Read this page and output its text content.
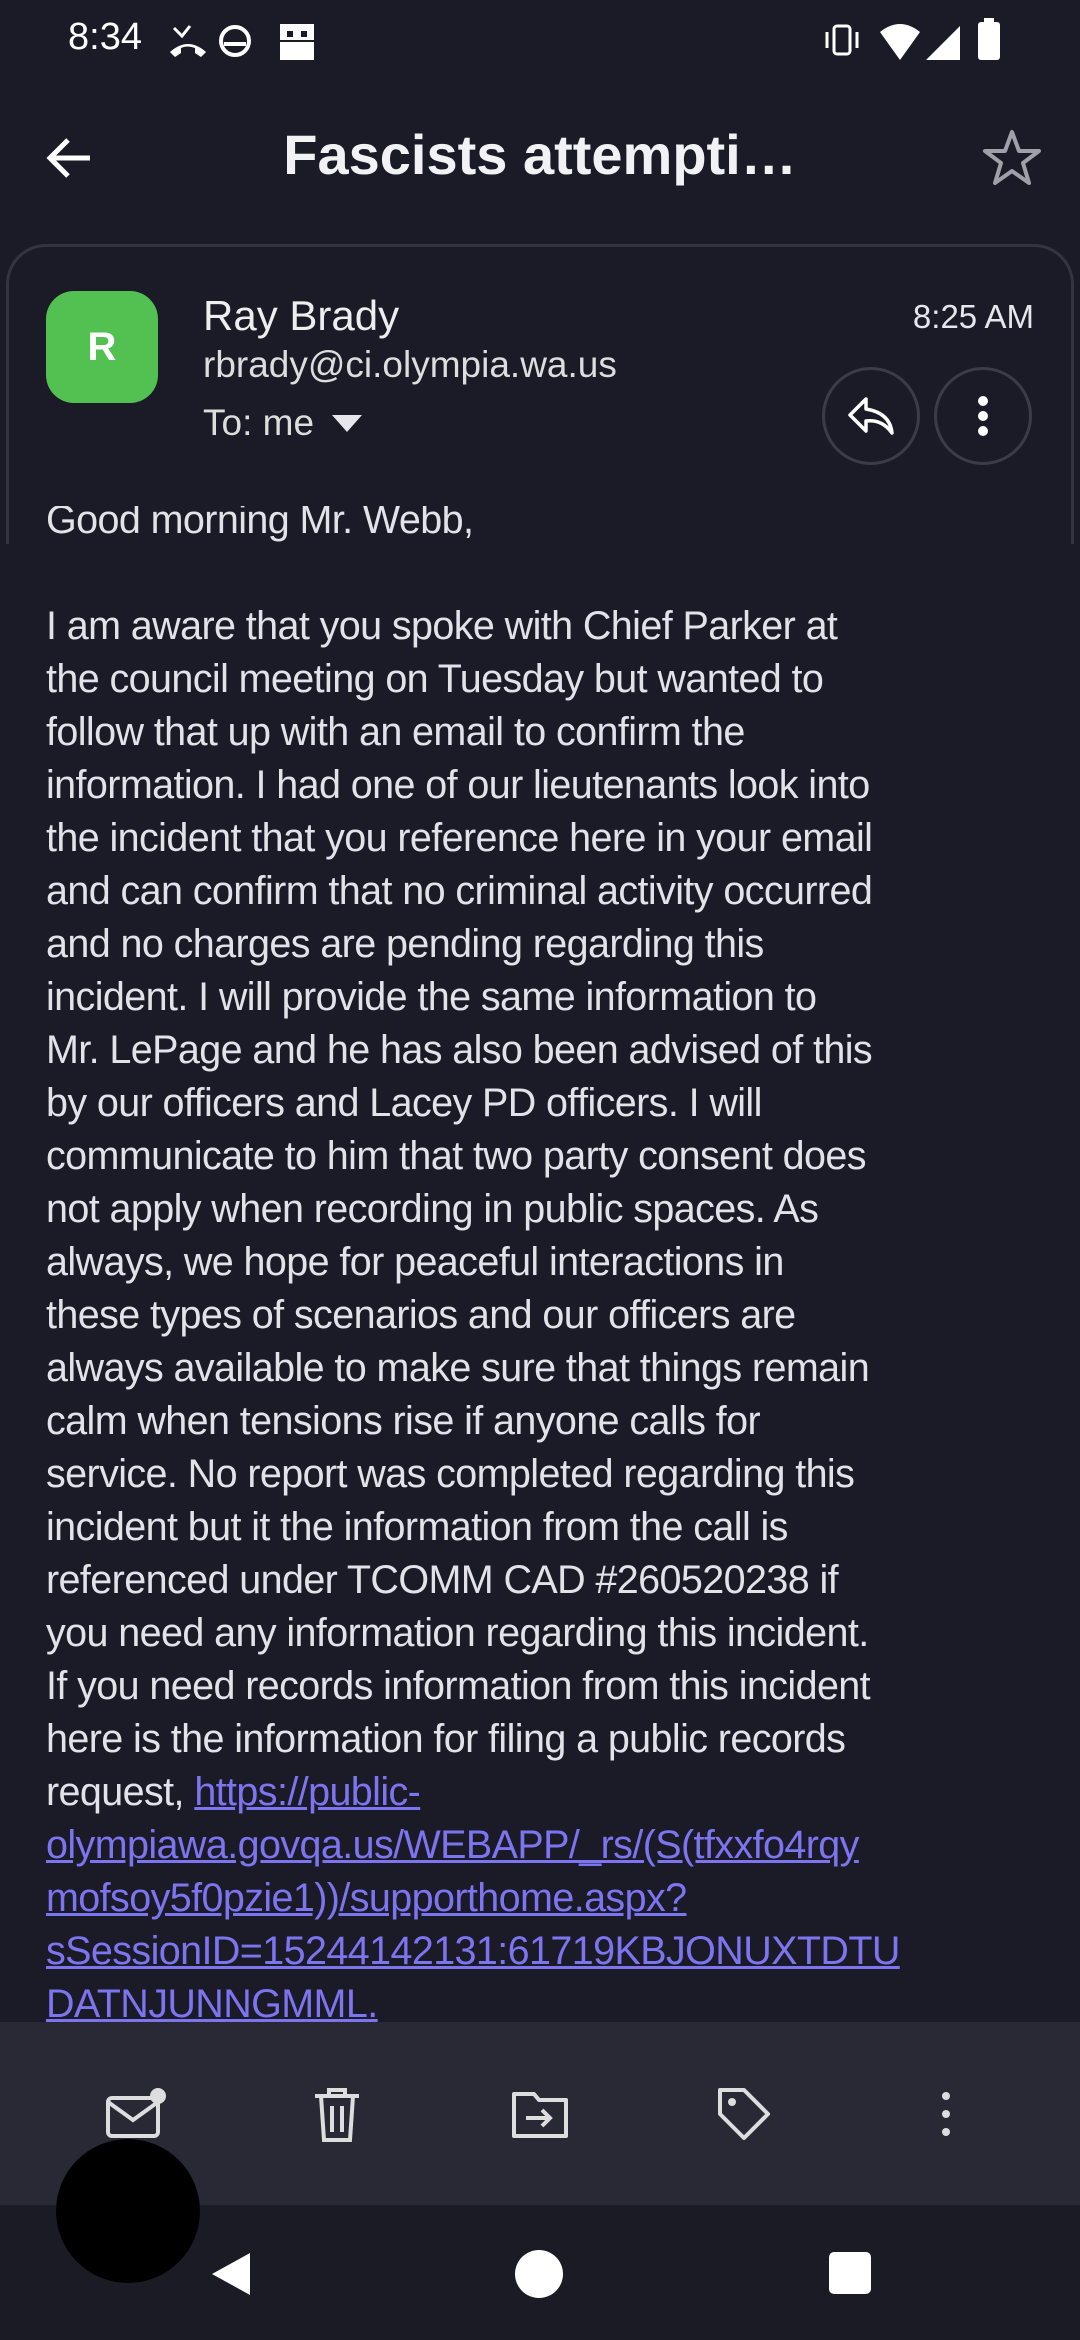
8:34
Fascists attempti…
R
Ray Brady
rbrady@ci.olympia.wa.us
To: me
8:25 AM
Good morning Mr. Webb,
I am aware that you spoke with Chief Parker at
the council meeting on Tuesday but wanted to
follow that up with an email to confirm the
information. I had one of our lieutenants look into
the incident that you reference here in your email
and can confirm that no criminal activity occurred
and no charges are pending regarding this
incident. I will provide the same information to
Mr. LePage and he has also been advised of this
by our officers and Lacey PD officers. I will
communicate to him that two party consent does
not apply when recording in public spaces. As
always, we hope for peaceful interactions in
these types of scenarios and our officers are
always available to make sure that things remain
calm when tensions rise if anyone calls for
service. No report was completed regarding this
incident but it the information from the call is
referenced under TCOMM CAD #260520238 if
you need any information regarding this incident.
If you need records information from this incident
here is the information for filing a public records
request, https://public-
olympiawa.govqa.us/WEBAPP/_rs/(S(tfxxfo4rqy
mofsoy5f0pzie1))/supporthome.aspx?
sSessionID=15244142131:61719KBJONUXTDTU
DATNJUNNGMML.
